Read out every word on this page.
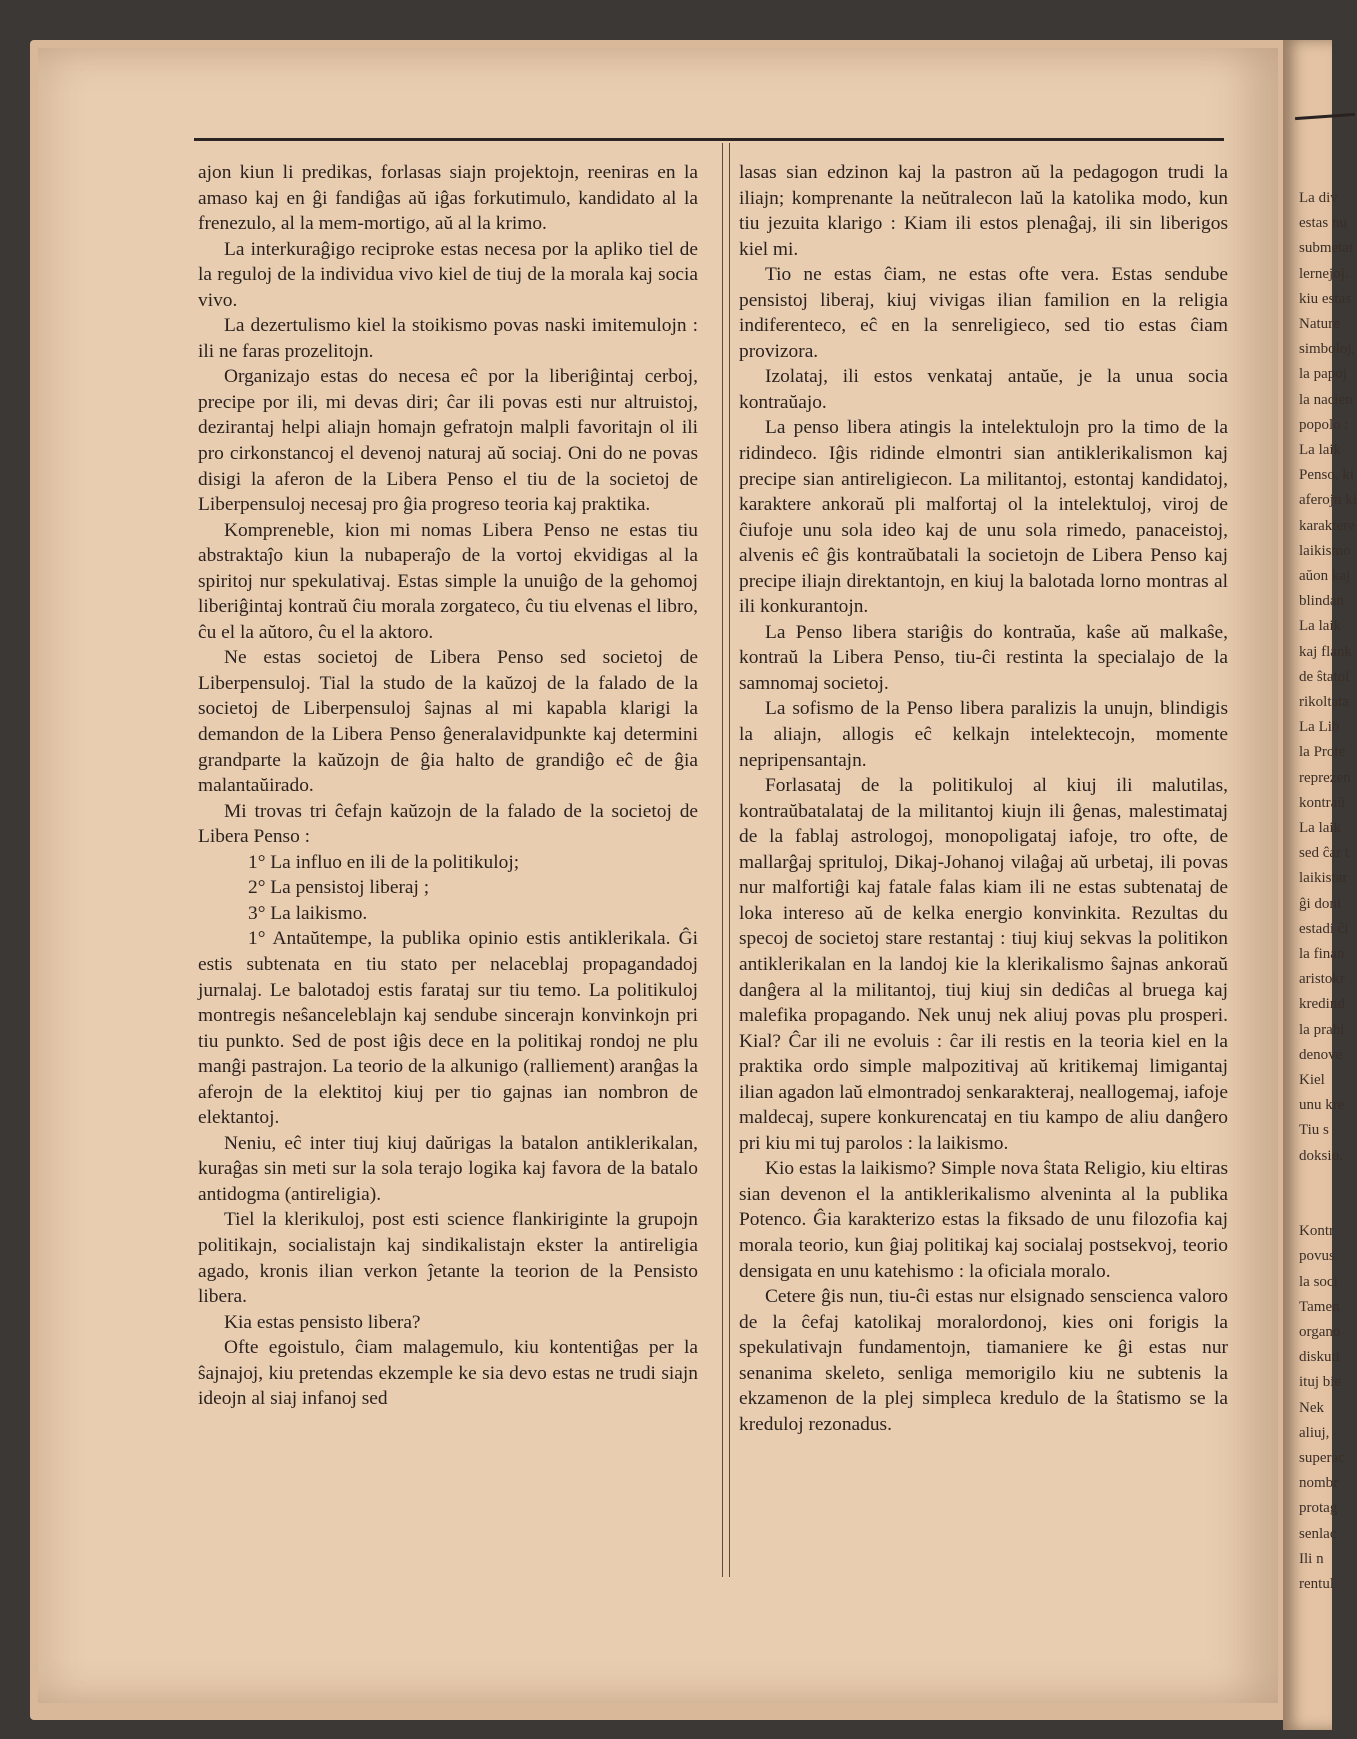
La div
estas nu
submetat
lernejoj.
kiu estas
Nature
simboloj,
la papoj
la nacien
popolo :
La laik
Penso, ki
aferojn ki
karaktere
laikismo
aŭon kaj
blindan
La laik
kaj flank
de ŝtatol
rikoltata
La Lib
la Prote
reprezen
kontraŭ
La laik
sed ĉar t
laikistar
ĝi doni
estadi ĉi
la finan
aristokr
kredind
la prahi
denove
Kiel
unu kre
Tiu s
doksio.
Kontr
povus
la soci
Tamen
organo
diskuti
ituj bie
Nek
aliuj,
superac
nombr
protag
senlac
Ili n
rentul

ajon kiun li predikas, forlasas siajn projektojn, reeniras en la amaso kaj en ĝi fandiĝas aŭ iĝas forkutimulo, kandidato al la frenezulo, al la mem-mortigo, aŭ al la krimo.

La interkuraĝigo reciproke estas necesa por la apliko tiel de la reguloj de la individua vivo kiel de tiuj de la morala kaj socia vivo.

La dezertulismo kiel la stoikismo povas naski imitemulojn : ili ne faras prozelitojn.

Organizajo estas do necesa eĉ por la liberiĝintaj cerboj, precipe por ili, mi devas diri; ĉar ili povas esti nur altruistoj, dezirantaj helpi aliajn homajn gefratojn malpli favoritajn ol ili pro cirkonstancoj el devenoj naturaj aŭ sociaj. Oni do ne povas disigi la aferon de la Libera Penso el tiu de la societoj de Liberpensuloj necesaj pro ĝia progreso teoria kaj praktika.

Kompreneble, kion mi nomas Libera Penso ne estas tiu abstraktaĵo kiun la nubaperaĵo de la vortoj ekvidigas al la spiritoj nur spekulativaj. Estas simple la unuiĝo de la gehomoj liberiĝintaj kontraŭ ĉiu morala zorgateco, ĉu tiu elvenas el libro, ĉu el la aŭtoro, ĉu el la aktoro.

Ne estas societoj de Libera Penso sed societoj de Liberpensuloj. Tial la studo de la kaŭzoj de la falado de la societoj de Liberpensuloj ŝajnas al mi kapabla klarigi la demandon de la Libera Penso ĝeneralavidpunkte kaj determini grandparte la kaŭzojn de ĝia halto de grandiĝo eĉ de ĝia malantaŭirado.

Mi trovas tri ĉefajn kaŭzojn de la falado de la societoj de Libera Penso :

1° La influo en ili de la politikuloj;

2° La pensistoj liberaj ;

3° La laikismo.

1° Antaŭtempe, la publika opinio estis antiklerikala. Ĝi estis subtenata en tiu stato per nelaceblaj propagandadoj jurnalaj. Le balotadoj estis farataj sur tiu temo. La politikuloj montregis neŝanceleblajn kaj sendube sincerajn konvinkojn pri tiu punkto. Sed de post iĝis dece en la politikaj rondoj ne plu manĝi pastrajon. La teorio de la alkunigo (ralliement) aranĝas la aferojn de la elektitoj kiuj per tio gajnas ian nombron de elektantoj.

Neniu, eĉ inter tiuj kiuj daŭrigas la batalon antiklerikalan, kuraĝas sin meti sur la sola terajo logika kaj favora de la batalo antidogma (antireligia).

Tiel la klerikuloj, post esti science flankiriginte la grupojn politikajn, socialistajn kaj sindikalistajn ekster la antireligia agado, kronis ilian verkon ĵetante la teorion de la Pensisto libera.

Kia estas pensisto libera?

Ofte egoistulo, ĉiam malagemulo, kiu kontentiĝas per la ŝajnajoj, kiu pretendas ekzemple ke sia devo estas ne trudi siajn ideojn al siaj infanoj sed

lasas sian edzinon kaj la pastron aŭ la pedagogon trudi la iliajn; komprenante la neŭtralecon laŭ la katolika modo, kun tiu jezuita klarigo : Kiam ili estos plenaĝaj, ili sin liberigos kiel mi.

Tio ne estas ĉiam, ne estas ofte vera. Estas sendube pensistoj liberaj, kiuj vivigas ilian familion en la religia indiferenteco, eĉ en la senreligieco, sed tio estas ĉiam provizora.

Izolataj, ili estos venkataj antaŭe, je la unua socia kontraŭajo.

La penso libera atingis la intelektulojn pro la timo de la ridindeco. Iĝis ridinde elmontri sian antiklerikalismon kaj precipe sian antireligiecon. La militantoj, estontaj kandidatoj, karaktere ankoraŭ pli malfortaj ol la intelektuloj, viroj de ĉiufoje unu sola ideo kaj de unu sola rimedo, panaceistoj, alvenis eĉ ĝis kontraŭbatali la societojn de Libera Penso kaj precipe iliajn direktantojn, en kiuj la balotada lorno montras al ili konkurantojn.

La Penso libera stariĝis do kontraŭa, kaŝe aŭ malkaŝe, kontraŭ la Libera Penso, tiu-ĉi restinta la specialajo de la samnomaj societoj.

La sofismo de la Penso libera paralizis la unujn, blindigis la aliajn, allogis eĉ kelkajn intelektecojn, momente nepripensantajn.

Forlasataj de la politikuloj al kiuj ili malutilas, kontraŭbatalataj de la militantoj kiujn ili ĝenas, malestimataj de la fablaj astrologoj, monopoligataj iafoje, tro ofte, de mallarĝaj sprituloj, Dikaj-Johanoj vilaĝaj aŭ urbetaj, ili povas nur malfortiĝi kaj fatale falas kiam ili ne estas subtenataj de loka intereso aŭ de kelka energio konvinkita. Rezultas du specoj de societoj stare restantaj : tiuj kiuj sekvas la politikon antiklerikalan en la landoj kie la klerikalismo ŝajnas ankoraŭ danĝera al la militantoj, tiuj kiuj sin dediĉas al bruega kaj malefika propagando. Nek unuj nek aliuj povas plu prosperi. Kial? Ĉar ili ne evoluis : ĉar ili restis en la teoria kiel en la praktika ordo simple malpozitivaj aŭ kritikemaj limigantaj ilian agadon laŭ elmontradoj senkarakteraj, neallogemaj, iafoje maldecaj, supere konkurencataj en tiu kampo de aliu danĝero pri kiu mi tuj parolos : la laikismo.

Kio estas la laikismo? Simple nova ŝtata Religio, kiu eltiras sian devenon el la antiklerikalismo alveninta al la publika Potenco. Ĝia karakterizo estas la fiksado de unu filozofia kaj morala teorio, kun ĝiaj politikaj kaj socialaj postsekvoj, teorio densigata en unu katehismo : la oficiala moralo.

Cetere ĝis nun, tiu-ĉi estas nur elsignado sensciencа valoro de la ĉefaj katolikaj moralordonoj, kies oni forigis la spekulativajn fundamentojn, tiamaniere ke ĝi estas nur senanima skeleto, senliga memorigilo kiu ne subtenis la ekzamenon de la plej simpleca kredulo de la ŝtatismo se la kreduloj rezonadus.
